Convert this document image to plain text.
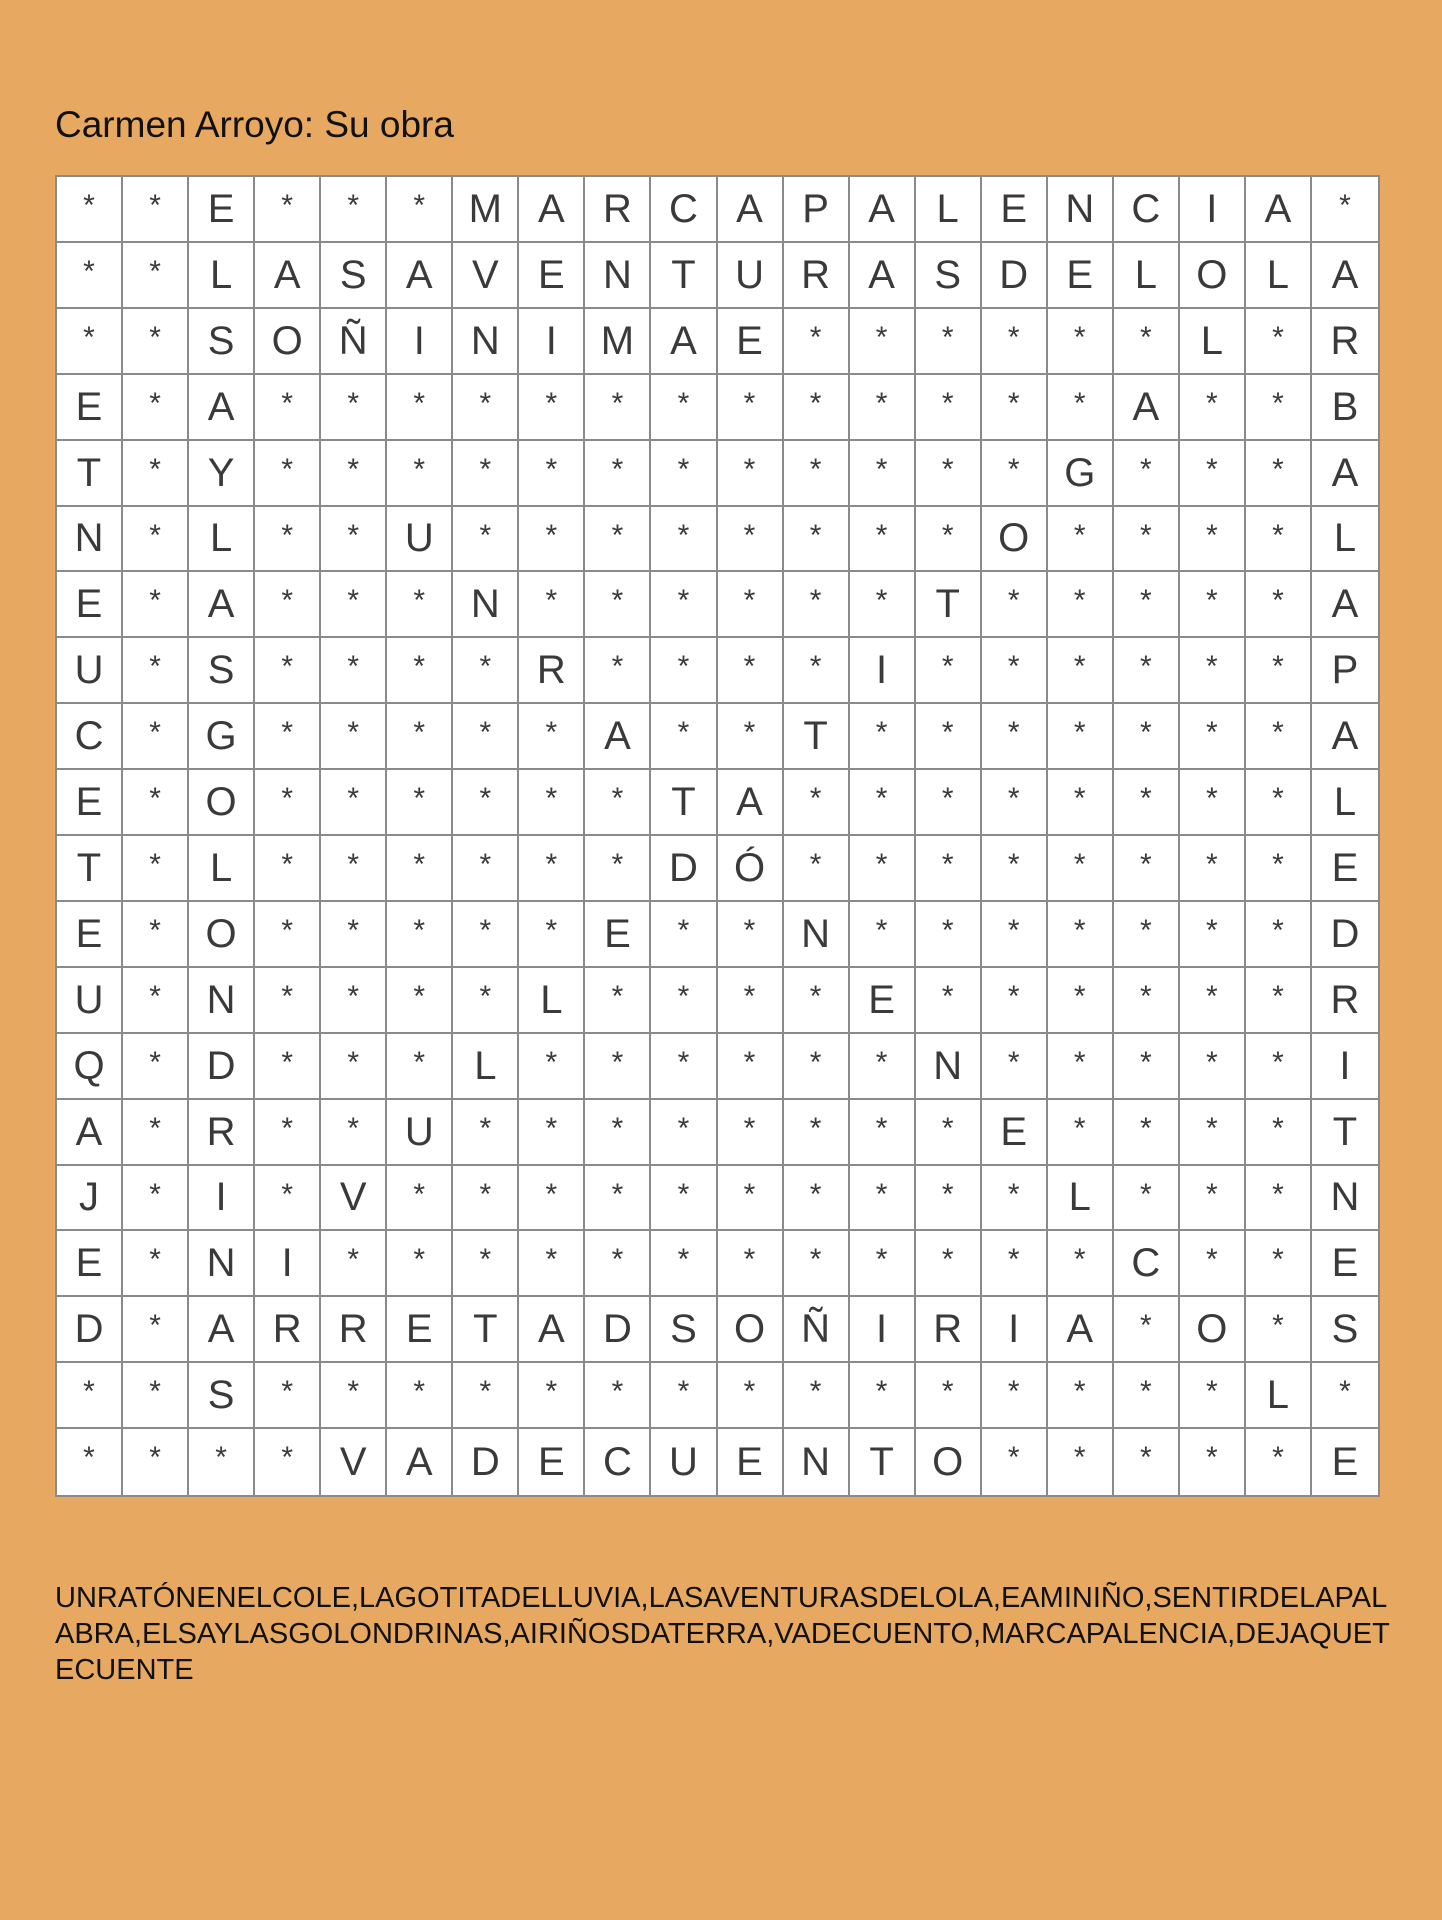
Carmen Arroyo: Su obra
*	*	E	*	*	*	M A R C A P A	L	E N C	I	A	*
*	*	L	A S A V E N T U R A S D E	L O L	A
*	*	S O Ñ	I	N	I	M A E	*	*	*	*	*	*	L	*	R
E	*	A	*	*	*	*	*	*	*	*	*	*	*	*	*	A	*	*	B
T	*	Y	*	*	*	*	*	*	*	*	*	*	*	*	G	*	*	*	A
N	*	L	*	*	U	*	*	*	*	*	*	*	*	O	*	*	*	*	L
E	*	A	*	*	*	N	*	*	*	*	*	*	T	*	*	*	*	*	A
U	*	S	*	*	*	*	R	*	*	*	*	I	*	*	*	*	*	*	P
C	*	G	*	*	*	*	*	A	*	*	T	*	*	*	*	*	*	*	A
E	*	O	*	*	*	*	*	*	T	A	*	*	*	*	*	*	*	*	L
T	*	L	*	*	*	*	*	*	D Ó	*	*	*	*	*	*	*	*	E
E	*	O	*	*	*	*	*	E	*	*	N	*	*	*	*	*	*	*	D
U	*	N	*	*	*	*	L	*	*	*	*	E	*	*	*	*	*	*	R
Q	*	D	*	*	*	L	*	*	*	*	*	*	N	*	*	*	*	*	I
A	*	R	*	*	U	*	*	*	*	*	*	*	*	E	*	*	*	*	T
J	*	I	*	V	*	*	*	*	*	*	*	*	*	*	L	*	*	*	N
E	*	N	I	*	*	*	*	*	*	*	*	*	*	*	*	C	*	*	E
D	*	A R R E	T	A D S O Ñ	I	R	I	A	*	O	*	S
*	*	S	*	*	*	*	*	*	*	*	*	*	*	*	*	*	*	L	*
*	*	*	*	V A D E C U E N T O	*	*	*	*	*	E
UNRATÓNENELCOLE,LAGOTITADELLUVIA,LASAVENTURASDELOLA,EAMINIÑO,SENTIRDELAPALABRA,ELSAYLASGOLONDRINAS,AIRIÑOSDATERRA,VADECUENTO,MARCAPALENCIA,DEJAQUETECUENTE
